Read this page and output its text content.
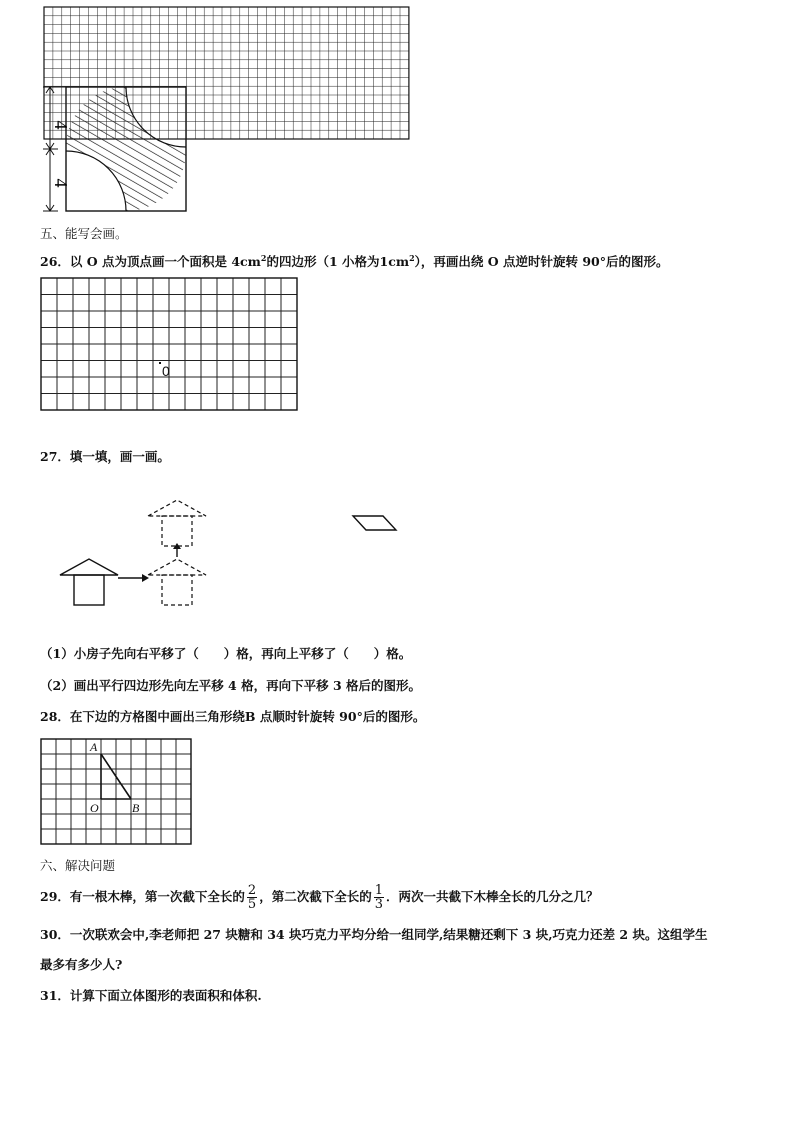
4
4
五、能写会画。
26．以 O 点为顶点画一个面积是 $4cm^2$的四边形（1 小格为$1cm^2$），再画出绕 O 点逆时针旋转 90°后的图形。
0
27．填一填，画一画。
（1）小房子先向右平移了（　　）格，再向上平移了（　　）格。
（2）画出平行四边形先向左平移 4 格，再向下平移 3 格后的图形。
28．在下边的方格图中画出三角形绕B 点顺时针旋转 90°后的图形。
A
O	B
六、解决问题
29．有一根木棒，第一次截下全长的 $\frac{2}{5}$ ，第二次截下全长的 $\frac{1}{3}$ ．两次一共截下木棒全长的几分之几？
30．一次联欢会中,李老师把 27 块糖和 34 块巧克力平均分给一组同学,结果糖还剩下 3 块,巧克力还差 2 块。这组学生
最多有多少人?
31．计算下面立体图形的表面积和体积.
